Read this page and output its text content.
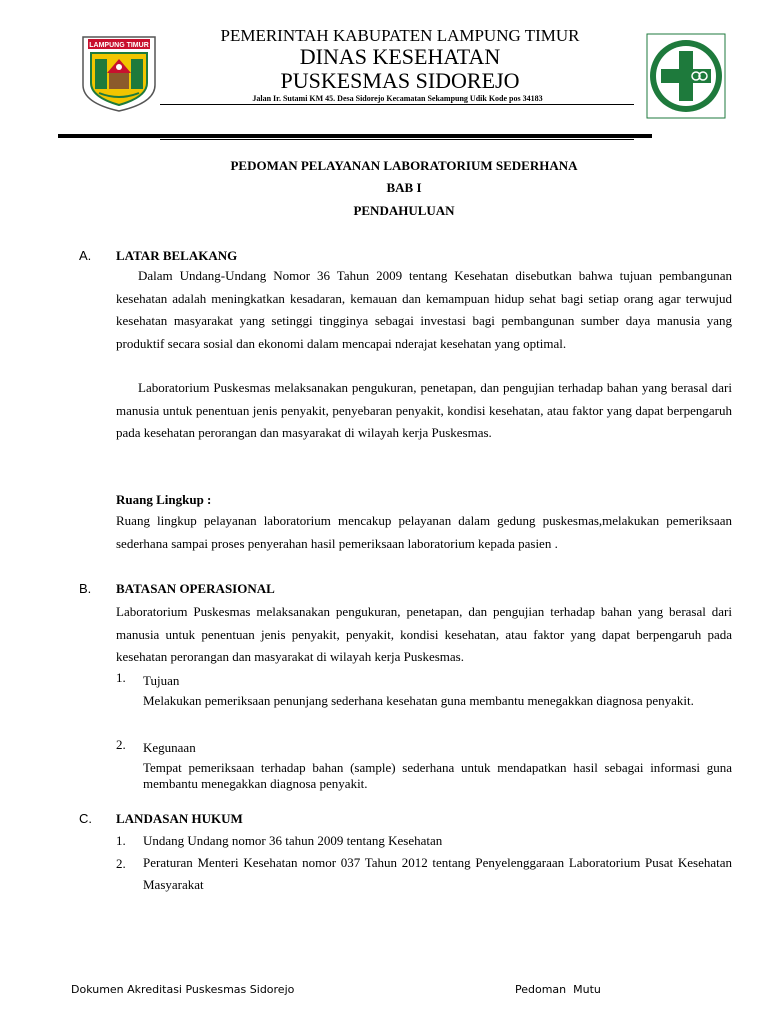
LAMPUNG TIMUR
PEMERINTAH KABUPATEN LAMPUNG TIMUR
DINAS KESEHATAN
PUSKESMAS SIDOREJO
Jalan Ir. Sutami KM 45. Desa Sidorejo Kecamatan Sekampung Udik Kode pos 34183
PEDOMAN PELAYANAN LABORATORIUM SEDERHANA
BAB I
PENDAHULUAN
A. LATAR BELAKANG
Dalam Undang-Undang Nomor 36 Tahun 2009 tentang Kesehatan disebutkan bahwa tujuan pembangunan kesehatan adalah meningkatkan kesadaran, kemauan dan kemampuan hidup sehat bagi setiap orang agar terwujud kesehatan masyarakat yang setinggi tingginya sebagai investasi bagi pembangunan sumber daya manusia yang produktif secara sosial dan ekonomi dalam mencapai nderajat kesehatan yang optimal.
Laboratorium Puskesmas melaksanakan pengukuran, penetapan, dan pengujian terhadap bahan yang berasal dari manusia untuk penentuan jenis penyakit, penyebaran penyakit, kondisi kesehatan, atau faktor yang dapat berpengaruh pada kesehatan perorangan dan masyarakat di wilayah kerja Puskesmas.
Ruang Lingkup :
Ruang lingkup pelayanan laboratorium mencakup pelayanan dalam gedung puskesmas,melakukan pemeriksaan sederhana sampai proses penyerahan hasil pemeriksaan laboratorium kepada pasien .
B. BATASAN OPERASIONAL
Laboratorium Puskesmas melaksanakan pengukuran, penetapan, dan pengujian terhadap bahan yang berasal dari manusia untuk penentuan jenis penyakit, penyakit, kondisi kesehatan, atau faktor yang dapat berpengaruh pada kesehatan perorangan dan masyarakat di wilayah kerja Puskesmas.
1. Tujuan
Melakukan pemeriksaan penunjang sederhana kesehatan guna membantu menegakkan diagnosa penyakit.
2. Kegunaan
Tempat pemeriksaan terhadap bahan (sample) sederhana untuk mendapatkan hasil sebagai informasi guna membantu menegakkan diagnosa penyakit.
C. LANDASAN HUKUM
1. Undang Undang nomor 36 tahun 2009 tentang Kesehatan
2. Peraturan Menteri Kesehatan nomor 037 Tahun 2012 tentang Penyelenggaraan Laboratorium Pusat Kesehatan Masyarakat
Dokumen Akreditasi Puskesmas Sidorejo	Pedoman  Mutu
